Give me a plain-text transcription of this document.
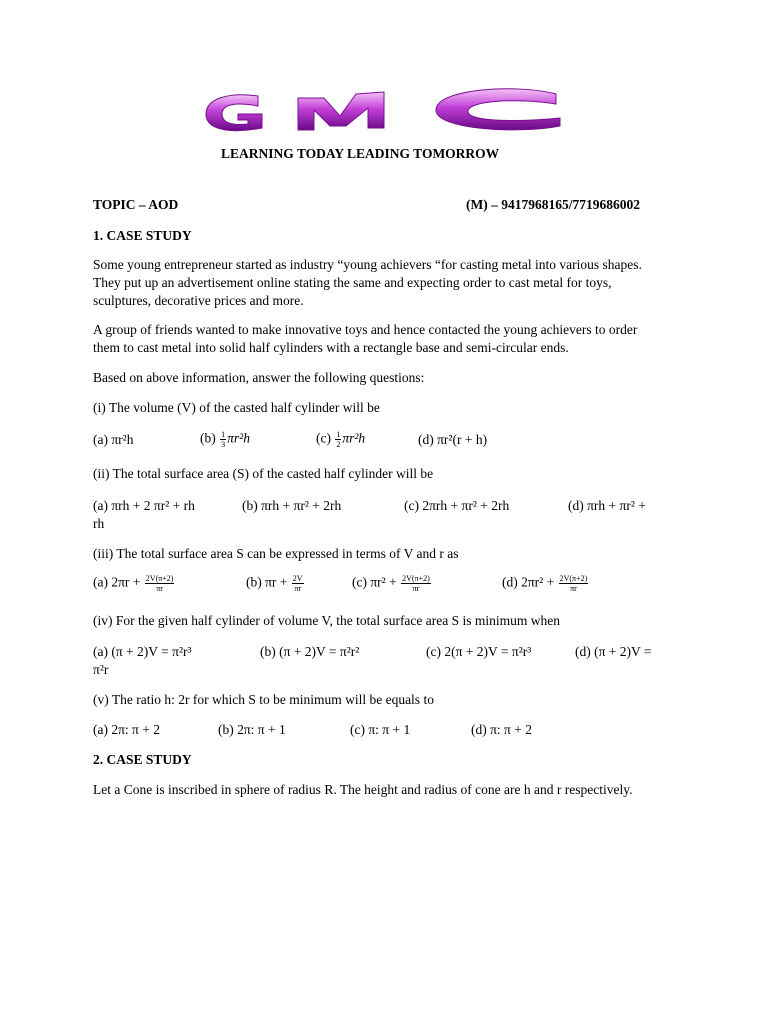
LEARNING TODAY LEADING TOMORROW
TOPIC – AOD	(M) – 9417968165/7719686002
1. CASE STUDY
Some young entrepreneur started as industry “young achievers “for casting metal into various shapes.
They put up an advertisement online stating the same and expecting order to cast metal for toys,
sculptures, decorative prices and more.
A group of friends wanted to make innovative toys and hence contacted the young achievers to order
them to cast metal into solid half cylinders with a rectangle base and semi-circular ends.
Based on above information, answer the following questions:
(i) The volume (V) of the casted half cylinder will be
(a) πr²h	$(b) \frac{1}{3} \pi r^2h$	$(c) \frac{1}{2} \pi r^2h$	(d) πr²(r + h)
(ii) The total surface area (S) of the casted half cylinder will be
(a) πrh + 2 πr² + rh	(b) πrh + πr² + 2rh	(c) 2πrh + πr² + 2rh	(d) πrh + πr² +
rh
(iii) The total surface area S can be expressed in terms of V and r as
(a) $2\pi r + \frac{2V(\pi+2)}{\pi r}$	(b) $\pi r + \frac{2V}{\pi r}$	(c) $\pi r^2 + \frac{2V(\pi+2)}{\pi r}$	(d) $2\pi r^2 + \frac{2V(\pi+2)}{\pi r}$
(iv) For the given half cylinder of volume V, the total surface area S is minimum when
(a) (π + 2)V = π²r³	(b) (π + 2)V = π²r²	(c) 2(π + 2)V = π²r³	(d) (π + 2)V =
π²r
(v) The ratio h: 2r for which S to be minimum will be equals to
(a) 2π: π + 2	(b) 2π: π + 1	(c) π: π + 1	(d) π: π + 2
2. CASE STUDY
Let a Cone is inscribed in sphere of radius R. The height and radius of cone are h and r respectively.
